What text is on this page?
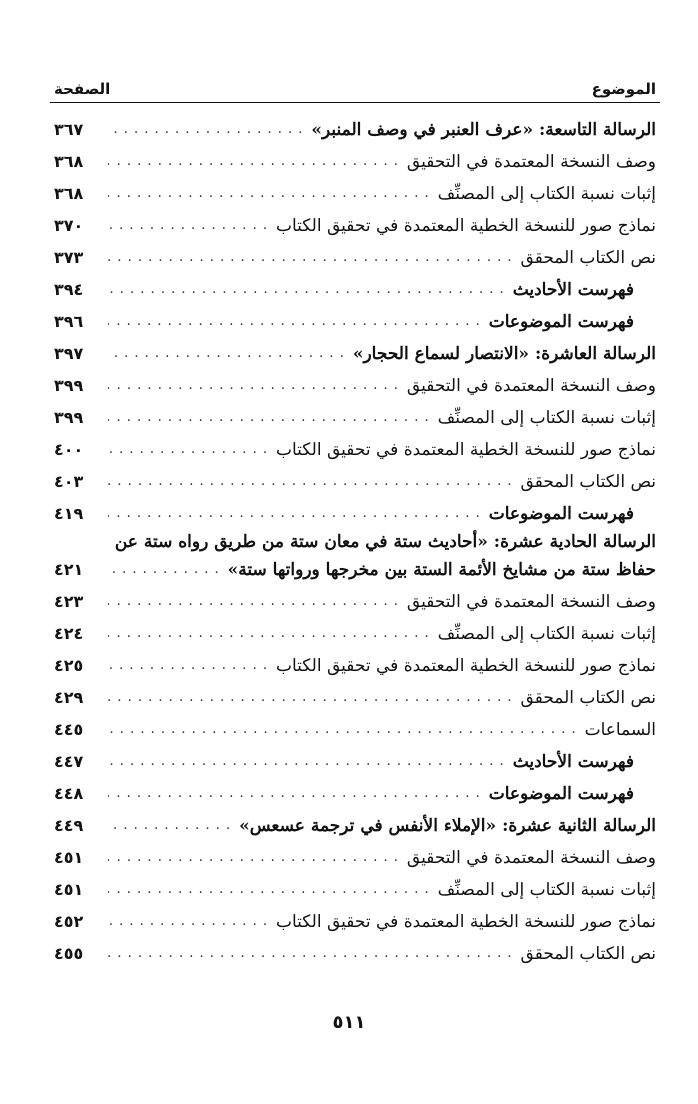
الموضوع
الصفحة
الرسالة التاسعة: «عرف العنبر في وصف المنبر»
. . .
٣٦٧
وصف النسخة المعتمدة في التحقيق
. . .
٣٦٨
إثبات نسبة الكتاب إلى المصنِّف
. . .
٣٦٨
نماذج صور للنسخة الخطية المعتمدة في تحقيق الكتاب
. . .
٣٧٠
نص الكتاب المحقق
. . .
٣٧٣
فهرست الأحاديث
. . .
٣٩٤
فهرست الموضوعات
. . .
٣٩٦
الرسالة العاشرة: «الانتصار لسماع الحجار»
. . .
٣٩٧
وصف النسخة المعتمدة في التحقيق
. . .
٣٩٩
إثبات نسبة الكتاب إلى المصنِّف
. . .
٣٩٩
نماذج صور للنسخة الخطية المعتمدة في تحقيق الكتاب
. . .
٤٠٠
نص الكتاب المحقق
. . .
٤٠٣
فهرست الموضوعات
. . .
٤١٩
الرسالة الحادية عشرة: «أحاديث ستة في معان ستة من طريق رواه ستة عن
حفاظ ستة من مشايخ الأئمة الستة بين مخرجها ورواتها ستة»
. . .
٤٢١
وصف النسخة المعتمدة في التحقيق
. . .
٤٢٣
إثبات نسبة الكتاب إلى المصنِّف
. . .
٤٢٤
نماذج صور للنسخة الخطية المعتمدة في تحقيق الكتاب
. . .
٤٢٥
نص الكتاب المحقق
. . .
٤٢٩
السماعات
. . .
٤٤٥
فهرست الأحاديث
. . .
٤٤٧
فهرست الموضوعات
. . .
٤٤٨
الرسالة الثانية عشرة: «الإملاء الأنفس في ترجمة عسعس»
. . .
٤٤٩
وصف النسخة المعتمدة في التحقيق
. . .
٤٥١
إثبات نسبة الكتاب إلى المصنِّف
. . .
٤٥١
نماذج صور للنسخة الخطية المعتمدة في تحقيق الكتاب
. . .
٤٥٢
نص الكتاب المحقق
. . .
٤٥٥
٥١١
